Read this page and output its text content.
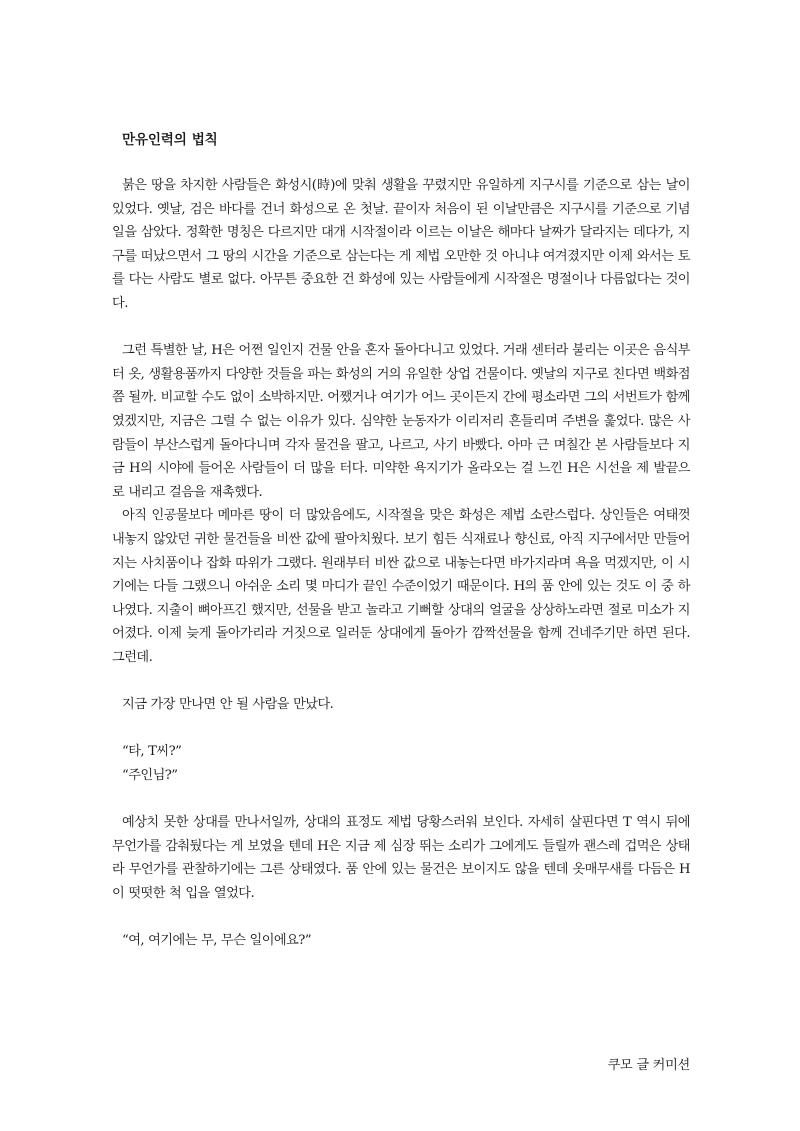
만유인력의 법칙

붉은 땅을 차지한 사람들은 화성시(時)에 맞춰 생활을 꾸렸지만 유일하게 지구시를 기준으로 삼는 날이 있었다. 옛날, 검은 바다를 건너 화성으로 온 첫날. 끝이자 처음이 된 이날만큼은 지구시를 기준으로 기념일을 삼았다. 정확한 명칭은 다르지만 대개 시작절이라 이르는 이날은 해마다 날짜가 달라지는 데다가, 지구를 떠났으면서 그 땅의 시간을 기준으로 삼는다는 게 제법 오만한 것 아니냐 여겨졌지만 이제 와서는 토를 다는 사람도 별로 없다. 아무튼 중요한 건 화성에 있는 사람들에게 시작절은 명절이나 다름없다는 것이다.

그런 특별한 날, H은 어쩐 일인지 건물 안을 혼자 돌아다니고 있었다. 거래 센터라 불리는 이곳은 음식부터 옷, 생활용품까지 다양한 것들을 파는 화성의 거의 유일한 상업 건물이다. 옛날의 지구로 친다면 백화점쯤 될까. 비교할 수도 없이 소박하지만. 어쨌거나 여기가 어느 곳이든지 간에 평소라면 그의 서번트가 함께였겠지만, 지금은 그럴 수 없는 이유가 있다. 심약한 눈동자가 이리저리 흔들리며 주변을 훑었다. 많은 사람들이 부산스럽게 돌아다니며 각자 물건을 팔고, 나르고, 사기 바빴다. 아마 근 며칠간 본 사람들보다 지금 H의 시야에 들어온 사람들이 더 많을 터다. 미약한 욕지기가 올라오는 걸 느낀 H은 시선을 제 발끝으로 내리고 걸음을 재촉했다.

아직 인공물보다 메마른 땅이 더 많았음에도, 시작절을 맞은 화성은 제법 소란스럽다. 상인들은 여태껏 내놓지 않았던 귀한 물건들을 비싼 값에 팔아치웠다. 보기 힘든 식재료나 향신료, 아직 지구에서만 만들어지는 사치품이나 잡화 따위가 그랬다. 원래부터 비싼 값으로 내놓는다면 바가지라며 욕을 먹겠지만, 이 시기에는 다들 그랬으니 아쉬운 소리 몇 마디가 끝인 수준이었기 때문이다. H의 품 안에 있는 것도 이 중 하나였다. 지출이 뼈아프긴 했지만, 선물을 받고 놀라고 기뻐할 상대의 얼굴을 상상하노라면 절로 미소가 지어졌다. 이제 늦게 돌아가리라 거짓으로 일러둔 상대에게 돌아가 깜짝선물을 함께 건네주기만 하면 된다. 그런데.

지금 가장 만나면 안 될 사람을 만났다.

“타, T씨?”

“주인님?”

예상치 못한 상대를 만나서일까, 상대의 표정도 제법 당황스러워 보인다. 자세히 살핀다면 T 역시 뒤에 무언가를 감춰뒀다는 게 보였을 텐데 H은 지금 제 심장 뛰는 소리가 그에게도 들릴까 괜스레 겁먹은 상태라 무언가를 관찰하기에는 그른 상태였다. 품 안에 있는 물건은 보이지도 않을 텐데 옷매무새를 다듬은 H이 떳떳한 척 입을 열었다.

“여, 여기에는 무, 무슨 일이에요?”

쿠모 글 커미션
